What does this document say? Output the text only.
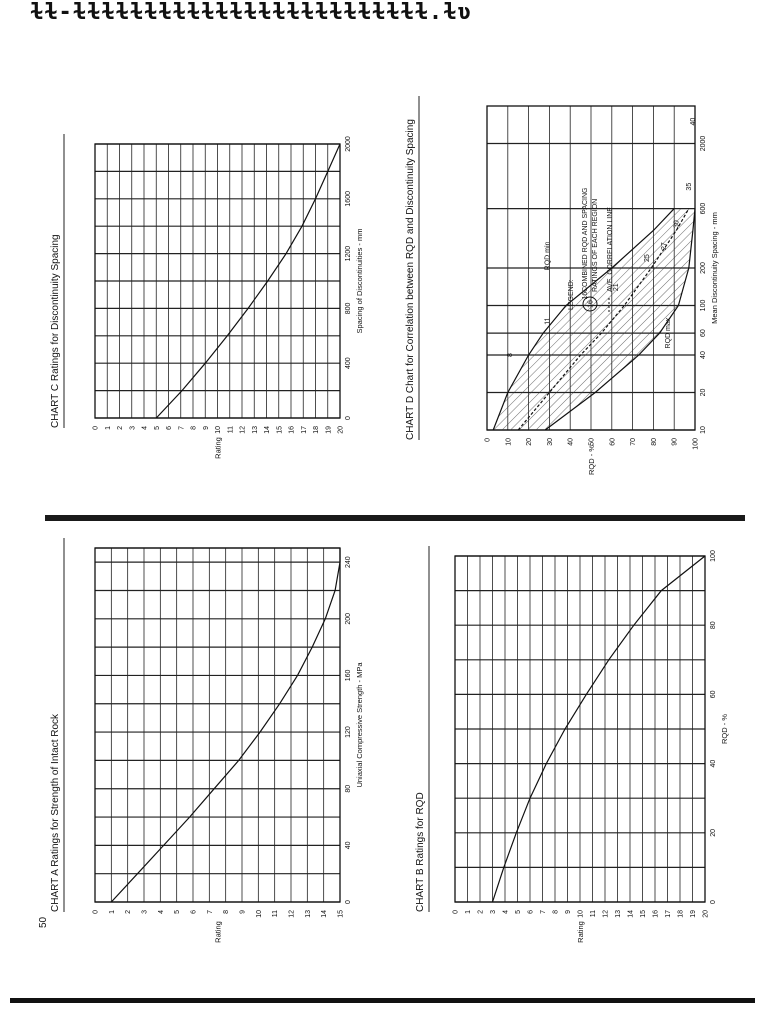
ɫɫ-ɫɫɫɫɫɫɫɫɫɫɫɫɫɫɫɫɫɫɫɫɫɫɫɫɫ.ɫʋ
50
CHART A Ratings for Strength of Intact Rock	0 1 2 3 4 5 6 7 8 9 10 11 12 13 14 15
Rating
0
40
80
120
160
200
240
Uniaxial Compressive Strength - MPa
CHART B Ratings for RQD	0 1 2 3 4 5 6 7 8 9 10 11 12 13 14 15 16 17 18 19 20
Rating
0
20
40
60
80
100
RQD - %
CHART C Ratings for Discontinuity Spacing	0 1 2 3 4 5 6 7 8 9 10 11 12 13 14 15 16 17 18 19 20
Rating
0
400
800
1200
1600
2000
Spacing of Discontinuities - mm	CHART D Chart for Correlation between RQD and Discontinuity Spacing	0 10 20 30 40 50 60 70 80 90 100
RQD - %
10
20
40
60
100
200
600
2000
Mean Discontinuity Spacing - mm
8
11
16
21
25
27
30
35
40
RQD max
RQD min
LEGEND: 16
COMBINED RQD AND SPACING RATINGS OF EACH REGION AVE. CORRELATION LINE
